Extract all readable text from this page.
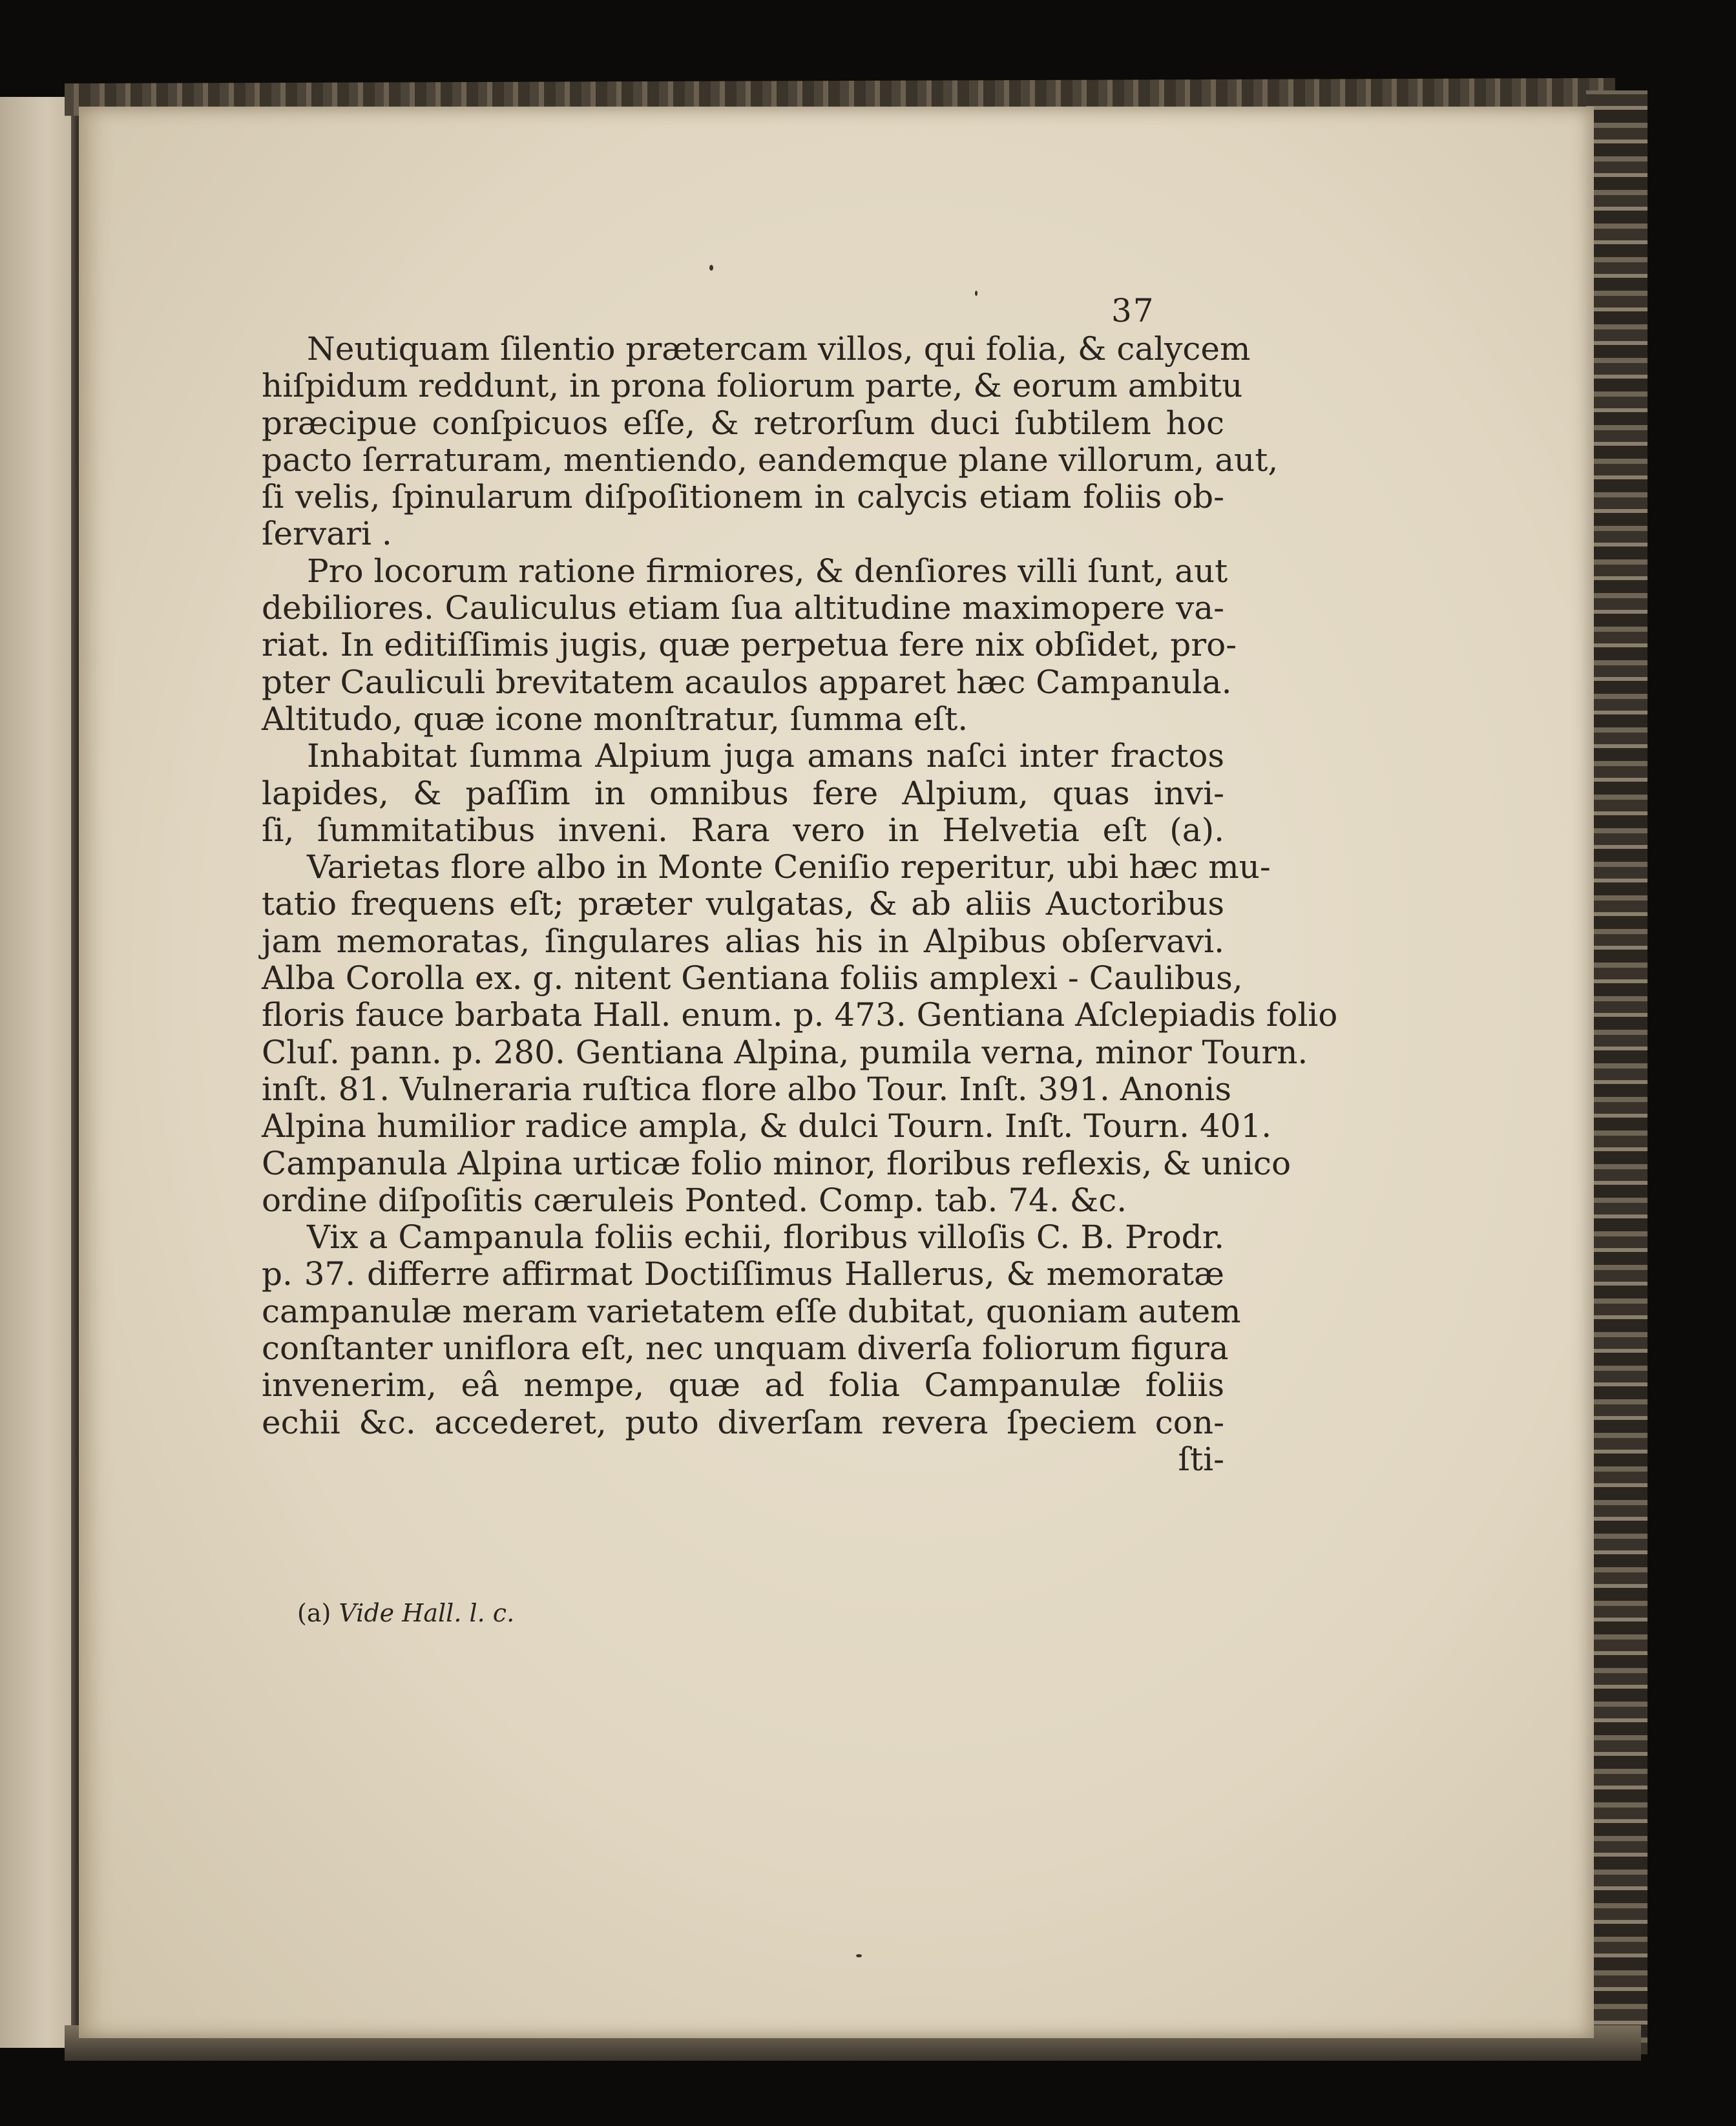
37
Neutiquam ſilentio prætercam villos, qui folia, & calycem
hiſpidum reddunt, in prona foliorum parte, & eorum ambitu
præcipue conſpicuos eſſe, & retrorſum duci ſubtilem hoc
pacto ſerraturam, mentiendo, eandemque plane villorum, aut,
ſi velis, ſpinularum diſpoſitionem in calycis etiam foliis ob-
ſervari .
Pro locorum ratione firmiores, & denſiores villi ſunt, aut
debiliores. Cauliculus etiam ſua altitudine maximopere va-
riat. In editiſſimis jugis, quæ perpetua fere nix obſidet, pro-
pter Cauliculi brevitatem acaulos apparet hæc Campanula.
Altitudo, quæ icone monſtratur, ſumma eſt.
Inhabitat ſumma Alpium juga amans naſci inter fractos
lapides, & paſſim in omnibus fere Alpium, quas invi-
ſi, ſummitatibus inveni. Rara vero in Helvetia eſt (a).
Varietas flore albo in Monte Ceniſio reperitur, ubi hæc mu-
tatio frequens eſt; præter vulgatas, & ab aliis Auctoribus
jam memoratas, ſingulares alias his in Alpibus obſervavi.
Alba Corolla ex. g. nitent Gentiana foliis amplexi - Caulibus,
floris fauce barbata Hall. enum. p. 473. Gentiana Aſclepiadis folio
Cluſ. pann. p. 280. Gentiana Alpina, pumila verna, minor Tourn.
inſt. 81. Vulneraria ruſtica flore albo Tour. Inſt. 391. Anonis
Alpina humilior radice ampla, & dulci Tourn. Inſt. Tourn. 401.
Campanula Alpina urticæ folio minor, floribus reflexis, & unico
ordine diſpoſitis cæruleis Ponted. Comp. tab. 74. &c.
Vix a Campanula foliis echii, floribus villoſis C. B. Prodr.
p. 37. differre affirmat Doctiſſimus Hallerus, & memoratæ
campanulæ meram varietatem eſſe dubitat, quoniam autem
conſtanter uniflora eſt, nec unquam diverſa foliorum figura
invenerim, eâ nempe, quæ ad folia Campanulæ foliis
echii &c. accederet, puto diverſam revera ſpeciem con-
ſti-
(a) Vide Hall. l. c.
